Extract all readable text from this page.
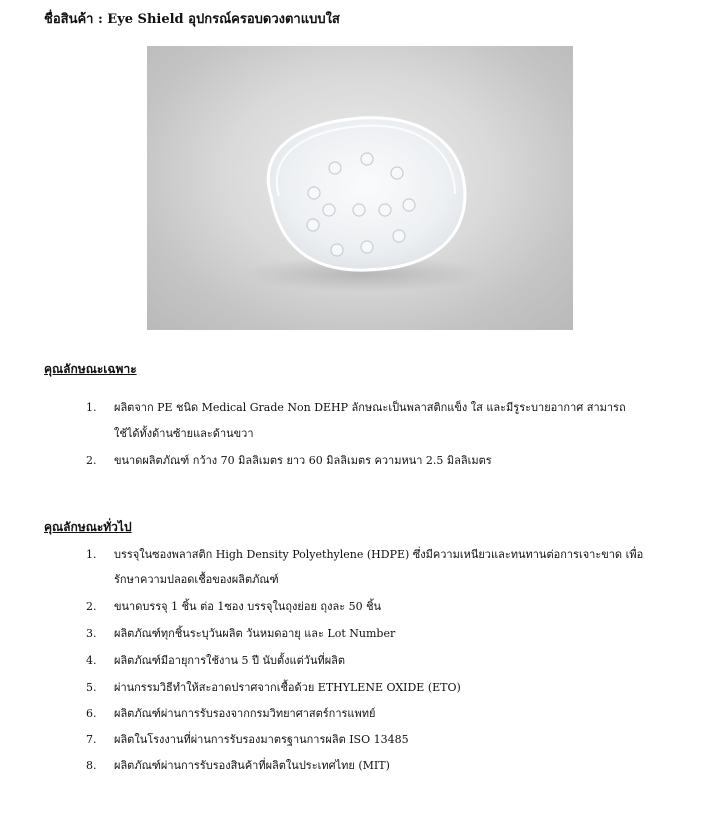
ชื่อสินค้า : Eye Shield อุปกรณ์ครอบดวงตาแบบใส
คุณลักษณะเฉพาะ
1. ผลิตจาก PE ชนิด Medical Grade Non DEHP ลักษณะเป็นพลาสติกแข็ง ใส และมีรูระบายอากาศ สามารถ
ใช้ได้ทั้งด้านซ้ายและด้านขวา
2. ขนาดผลิตภัณฑ์ กว้าง 70 มิลลิเมตร ยาว 60 มิลลิเมตร ความหนา 2.5 มิลลิเมตร
คุณลักษณะทั่วไป
1. บรรจุในซองพลาสติก High Density Polyethylene (HDPE) ซึ่งมีความเหนียวและทนทานต่อการเจาะขาด เพื่อ
รักษาความปลอดเชื้อของผลิตภัณฑ์
2. ขนาดบรรจุ 1 ชิ้น ต่อ 1ซอง บรรจุในถุงย่อย ถุงละ 50 ชิ้น
3. ผลิตภัณฑ์ทุกชิ้นระบุวันผลิต วันหมดอายุ และ Lot Number
4. ผลิตภัณฑ์มีอายุการใช้งาน 5 ปี นับตั้งแต่วันที่ผลิต
5. ผ่านกรรมวิธีทำให้สะอาดปราศจากเชื้อด้วย ETHYLENE OXIDE (ETO)
6. ผลิตภัณฑ์ผ่านการรับรองจากกรมวิทยาศาสตร์การแพทย์
7. ผลิตในโรงงานที่ผ่านการรับรองมาตรฐานการผลิต ISO 13485
8. ผลิตภัณฑ์ผ่านการรับรองสินค้าที่ผลิตในประเทศไทย (MIT)
